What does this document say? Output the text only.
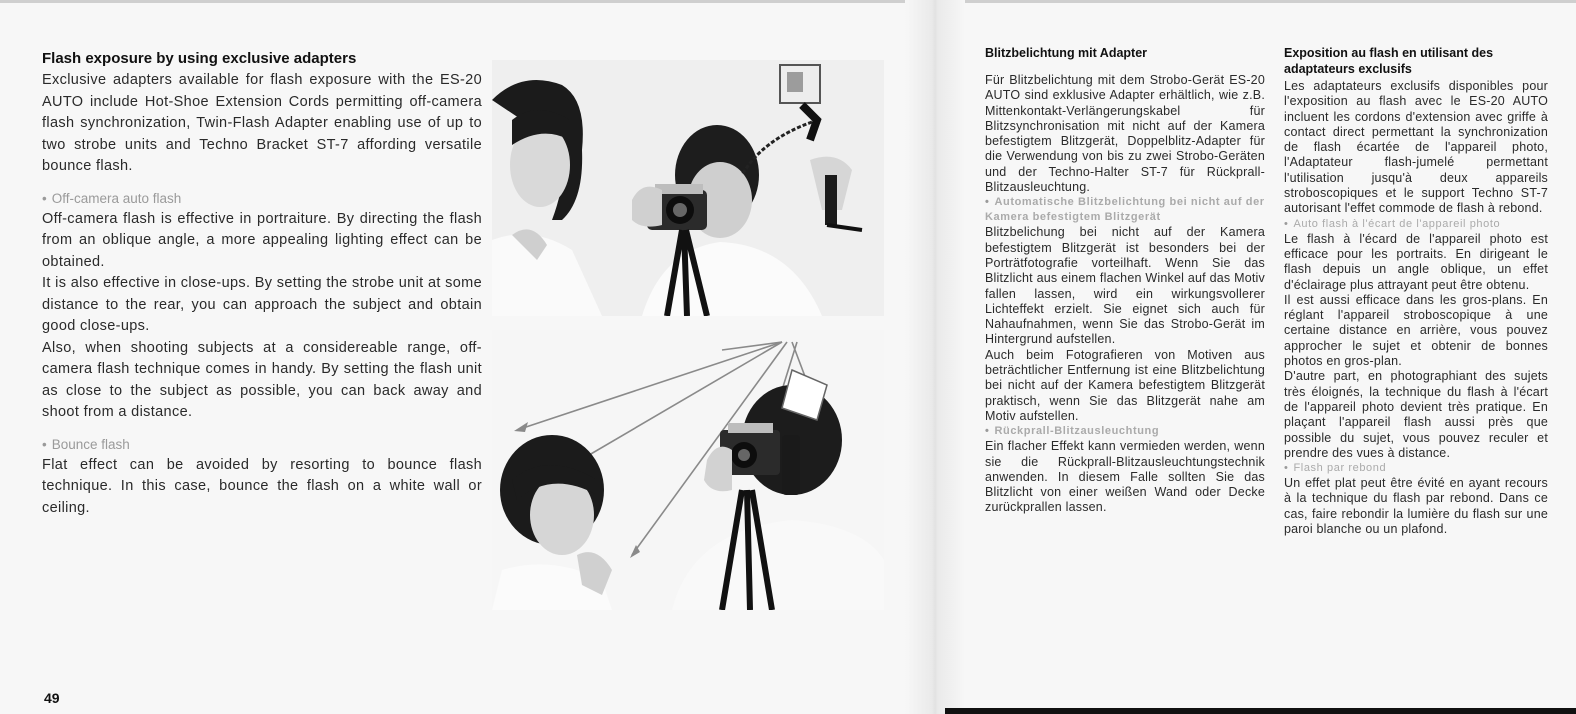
Flash exposure by using exclusive adapters

Exclusive adapters available for flash exposure with the ES-20 AUTO include Hot-Shoe Extension Cords permitting off-camera flash synchronization, Twin-Flash Adapter enabling use of up to two strobe units and Techno Bracket ST-7 affording versatile bounce flash.

• Off-camera auto flash

Off-camera flash is effective in portraiture. By directing the flash from an oblique angle, a more appealing lighting effect can be obtained.

It is also effective in close-ups. By setting the strobe unit at some distance to the rear, you can approach the subject and obtain good close-ups.

Also, when shooting subjects at a considereable range, off-camera flash technique comes in handy. By setting the flash unit as close to the subject as possible, you can back away and shoot from a distance.

• Bounce flash

Flat effect can be avoided by resorting to bounce flash technique. In this case, bounce the flash on a white wall or ceiling.

49
Blitzbelichtung mit Adapter

Für Blitzbelichtung mit dem Strobo-Gerät ES-20 AUTO sind exklusive Adapter erhältlich, wie z.B. Mittenkontakt-Verlängerungskabel für Blitzsynchronisation mit nicht auf der Kamera befestigtem Blitzgerät, Doppelblitz-Adapter für die Verwendung von bis zu zwei Strobo-Geräten und der Techno-Halter ST-7 für Rückprall-Blitzausleuchtung.

• Automatische Blitzbelichtung bei nicht auf der Kamera befestigtem Blitzgerät

Blitzbelichung bei nicht auf der Kamera befestigtem Blitzgerät ist besonders bei der Porträtfotografie vorteilhaft. Wenn Sie das Blitzlicht aus einem flachen Winkel auf das Motiv fallen lassen, wird ein wirkungsvollerer Lichteffekt erzielt. Sie eignet sich auch für Nahaufnahmen, wenn Sie das Strobo-Gerät im Hintergrund aufstellen.

Auch beim Fotografieren von Motiven aus beträchtlicher Entfernung ist eine Blitzbelichtung bei nicht auf der Kamera befestigtem Blitzgerät praktisch, wenn Sie das Blitzgerät nahe am Motiv aufstellen.

• Rückprall-Blitzausleuchtung

Ein flacher Effekt kann vermieden werden, wenn sie die Rückprall-Blitzausleuchtungstechnik anwenden. In diesem Falle sollten Sie das Blitzlicht von einer weißen Wand oder Decke zurückprallen lassen.

Exposition au flash en utilisant des adaptateurs exclusifs

Les adaptateurs exclusifs disponibles pour l'exposition au flash avec le ES-20 AUTO incluent les cordons d'extension avec griffe à contact direct permettant la synchronization de flash écartée de l'appareil photo, l'Adaptateur flash-jumelé permettant l'utilisation jusqu'à deux appareils stroboscopiques et le support Techno ST-7 autorisant l'effet commode de flash à rebond.

• Auto flash à l'écart de l'appareil photo

Le flash à l'écard de l'appareil photo est efficace pour les portraits. En dirigeant le flash depuis un angle oblique, un effet d'éclairage plus attrayant peut être obtenu.

Il est aussi efficace dans les gros-plans. En réglant l'appareil stroboscopique à une certaine distance en arrière, vous pouvez approcher le sujet et obtenir de bonnes photos en gros-plan.

D'autre part, en photographiant des sujets très éloignés, la technique du flash à l'écart de l'appareil photo devient très pratique. En plaçant l'appareil flash aussi près que possible du sujet, vous pouvez reculer et prendre des vues à distance.

• Flash par rebond

Un effet plat peut être évité en ayant recours à la technique du flash par rebond. Dans ce cas, faire rebondir la lumière du flash sur une paroi blanche ou un plafond.
